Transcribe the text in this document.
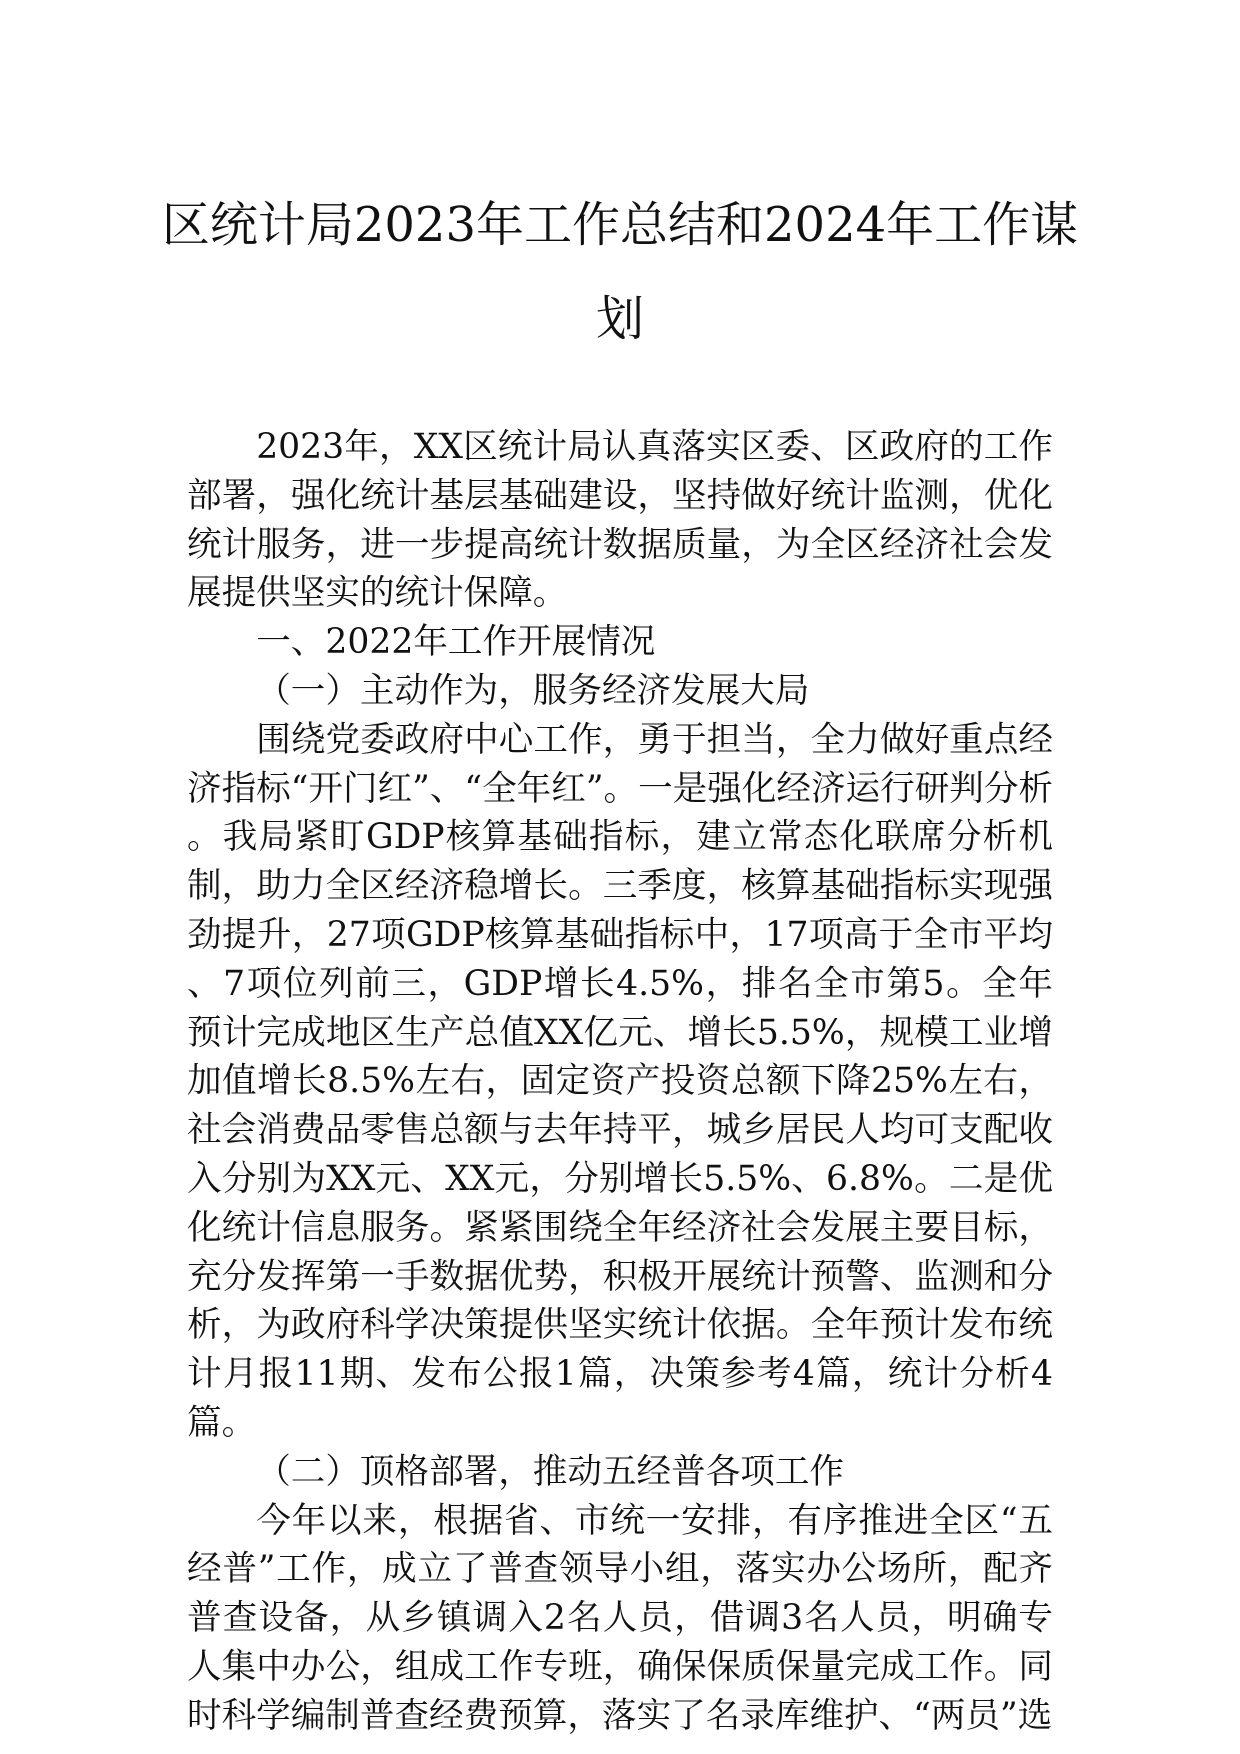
区统计局2023年工作总结和2024年工作谋划

2023年，XX区统计局认真落实区委、区政府的工作部署，强化统计基层基础建设，坚持做好统计监测，优化统计服务，进一步提高统计数据质量，为全区经济社会发展提供坚实的统计保障。

一、2022年工作开展情况

（一）主动作为，服务经济发展大局

围绕党委政府中心工作，勇于担当，全力做好重点经济指标“开门红”、“全年红”。一是强化经济运行研判分析。我局紧盯GDP核算基础指标，建立常态化联席分析机制，助力全区经济稳增长。三季度，核算基础指标实现强劲提升，27项GDP核算基础指标中，17项高于全市平均、7项位列前三，GDP增长4.5%，排名全市第5。全年预计完成地区生产总值XX亿元、增长5.5%，规模工业增加值增长8.5%左右，固定资产投资总额下降25%左右，社会消费品零售总额与去年持平，城乡居民人均可支配收入分别为XX元、XX元，分别增长5.5%、6.8%。二是优化统计信息服务。紧紧围绕全年经济社会发展主要目标，充分发挥第一手数据优势，积极开展统计预警、监测和分析，为政府科学决策提供坚实统计依据。全年预计发布统计月报11期、发布公报1篇，决策参考4篇，统计分析4篇。

（二）顶格部署，推动五经普各项工作

今年以来，根据省、市统一安排，有序推进全区“五经普”工作，成立了普查领导小组，落实办公场所，配齐普查设备，从乡镇调入2名人员，借调3名人员，明确专人集中办公，组成工作专班，确保保质保量完成工作。同时科学编制普查经费预算，落实了名录库维护、“两员”选
